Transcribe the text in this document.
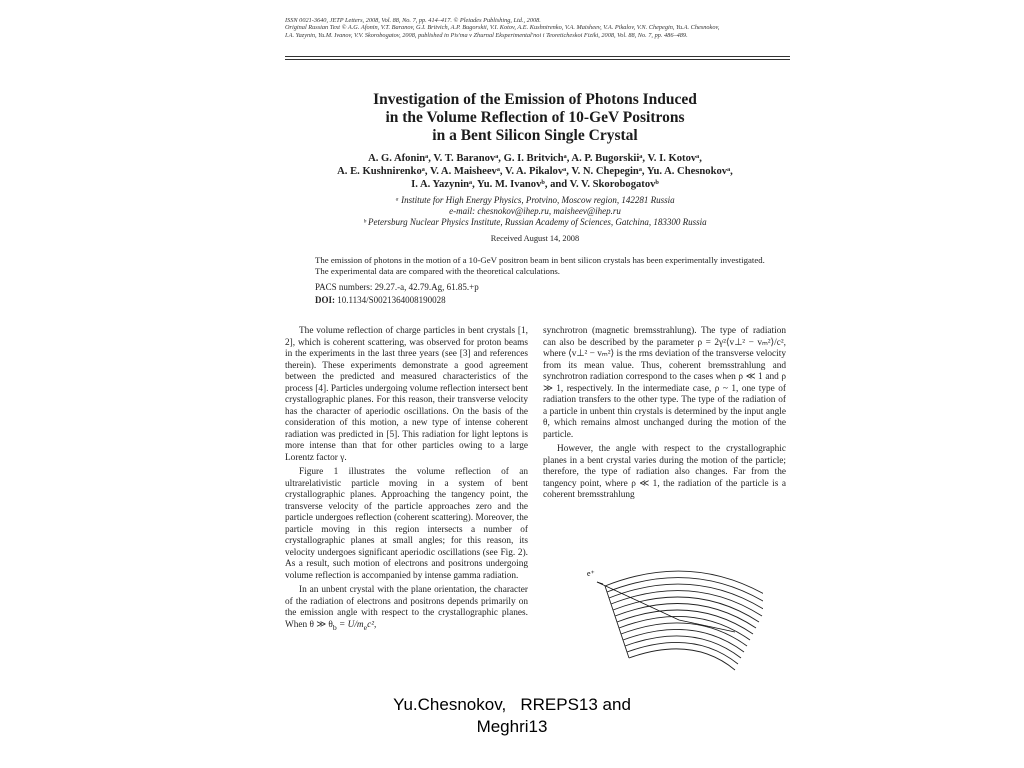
ISSN 0021-3640, JETP Letters, 2008, Vol. 88, No. 7, pp. 414–417. © Pleiades Publishing, Ltd., 2008.
Original Russian Text © A.G. Afonin, V.T. Baranov, G.I. Britvich, A.P. Bugorskii, V.I. Kotov, A.E. Kushnirenko, V.A. Maisheev, V.A. Pikalov, V.N. Chepegin, Yu.A. Chesnokov,
I.A. Yazynin, Yu.M. Ivanov, V.V. Skorobogatov, 2008, published in Pis'ma v Zhurnal Eksperimental'noi i Teoreticheskoi Fiziki, 2008, Vol. 88, No. 7, pp. 486–489.
Investigation of the Emission of Photons Induced
in the Volume Reflection of 10-GeV Positrons
in a Bent Silicon Single Crystal
A. G. Afoninᵃ, V. T. Baranovᵃ, G. I. Britvichᵃ, A. P. Bugorskiiᵃ, V. I. Kotovᵃ,
A. E. Kushnirenkoᵃ, V. A. Maisheevᵃ, V. A. Pikalovᵃ, V. N. Chepeginᵃ, Yu. A. Chesnokovᵃ,
I. A. Yazyninᵃ, Yu. M. Ivanovᵇ, and V. V. Skorobogatovᵇ
ᵃ Institute for High Energy Physics, Protvino, Moscow region, 142281 Russia
e-mail: chesnokov@ihep.ru, maisheev@ihep.ru
ᵇ Petersburg Nuclear Physics Institute, Russian Academy of Sciences, Gatchina, 183300 Russia
Received August 14, 2008
The emission of photons in the motion of a 10-GeV positron beam in bent silicon crystals has been experimentally investigated. The experimental data are compared with the theoretical calculations.
PACS numbers: 29.27.-a, 42.79.Ag, 61.85.+p
DOI: 10.1134/S0021364008190028

The volume reflection of charge particles in bent crystals [1, 2], which is coherent scattering, was observed for proton beams in the experiments in the last three years (see [3] and references therein). These experiments demonstrate a good agreement between the predicted and measured characteristics of the process [4]. Particles undergoing volume reflection intersect bent crystallographic planes. For this reason, their transverse velocity has the character of aperiodic oscillations. On the basis of the consideration of this motion, a new type of intense coherent radiation was predicted in [5]. This radiation for light leptons is more intense than that for other particles owing to a large Lorentz factor γ.

Figure 1 illustrates the volume reflection of an ultrarelativistic particle moving in a system of bent crystallographic planes. Approaching the tangency point, the transverse velocity of the particle approaches zero and the particle undergoes reflection (coherent scattering). Moreover, the particle moving in this region intersects a number of crystallographic planes at small angles; for this reason, its velocity undergoes significant aperiodic oscillations (see Fig. 2). As a result, such motion of electrons and positrons undergoing volume reflection is accompanied by intense gamma radiation.

In an unbent crystal with the plane orientation, the character of the radiation of electrons and positrons depends primarily on the emission angle with respect to the crystallographic planes. When θ ≫ $\theta_b = U/m_ec^2$,

synchrotron (magnetic bremsstrahlung). The type of radiation can also be described by the parameter ρ = 2γ²⟨v⊥² − vₘ²⟩/c², where ⟨v⊥² − vₘ²⟩ is the rms deviation of the transverse velocity from its mean value. Thus, coherent bremsstrahlung and synchrotron radiation correspond to the cases when ρ ≪ 1 and ρ ≫ 1, respectively. In the intermediate case, ρ ~ 1, one type of radiation transfers to the other type. The type of the radiation of a particle in unbent thin crystals is determined by the input angle θ, which remains almost unchanged during the motion of the particle.

However, the angle with respect to the crystallographic planes in a bent crystal varies during the motion of the particle; therefore, the type of radiation also changes. Far from the tangency point, where ρ ≪ 1, the radiation of the particle is a coherent bremsstrahlung

e⁺
Yu.Chesnokov, RREPS13 and
Meghri13
